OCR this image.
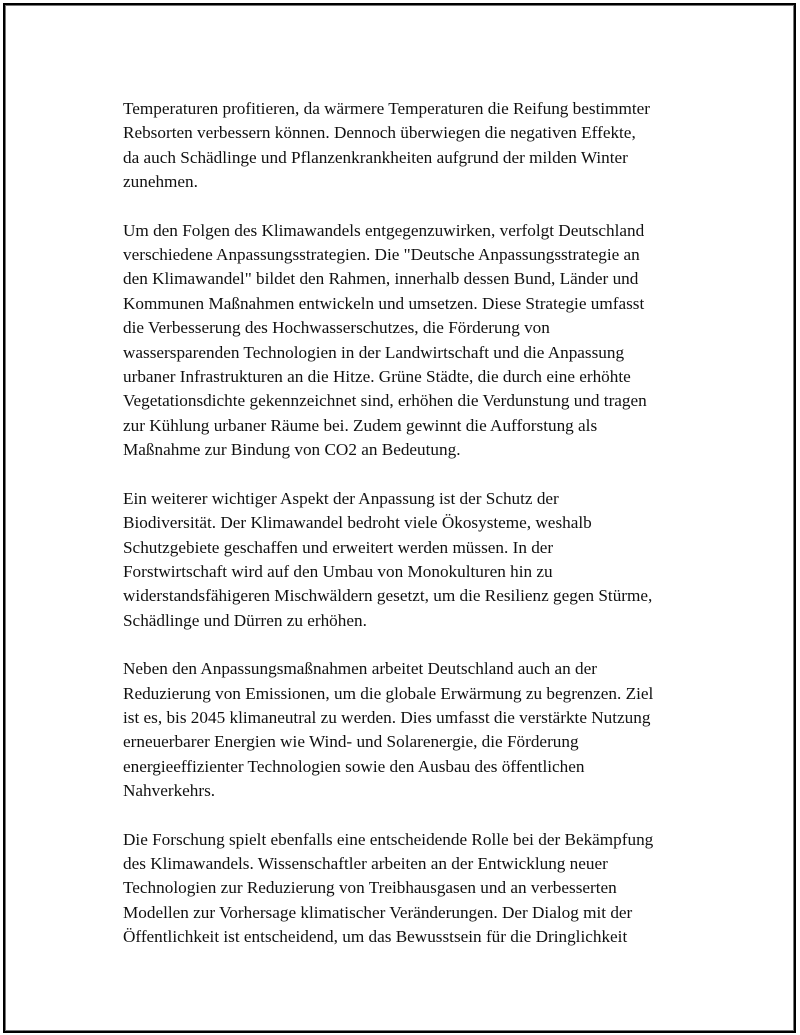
Temperaturen profitieren, da wärmere Temperaturen die Reifung bestimmter
Rebsorten verbessern können. Dennoch überwiegen die negativen Effekte,
da auch Schädlinge und Pflanzenkrankheiten aufgrund der milden Winter
zunehmen.

Um den Folgen des Klimawandels entgegenzuwirken, verfolgt Deutschland
verschiedene Anpassungsstrategien. Die "Deutsche Anpassungsstrategie an
den Klimawandel" bildet den Rahmen, innerhalb dessen Bund, Länder und
Kommunen Maßnahmen entwickeln und umsetzen. Diese Strategie umfasst
die Verbesserung des Hochwasserschutzes, die Förderung von
wassersparenden Technologien in der Landwirtschaft und die Anpassung
urbaner Infrastrukturen an die Hitze. Grüne Städte, die durch eine erhöhte
Vegetationsdichte gekennzeichnet sind, erhöhen die Verdunstung und tragen
zur Kühlung urbaner Räume bei. Zudem gewinnt die Aufforstung als
Maßnahme zur Bindung von CO2 an Bedeutung.

Ein weiterer wichtiger Aspekt der Anpassung ist der Schutz der
Biodiversität. Der Klimawandel bedroht viele Ökosysteme, weshalb
Schutzgebiete geschaffen und erweitert werden müssen. In der
Forstwirtschaft wird auf den Umbau von Monokulturen hin zu
widerstandsfähigeren Mischwäldern gesetzt, um die Resilienz gegen Stürme,
Schädlinge und Dürren zu erhöhen.

Neben den Anpassungsmaßnahmen arbeitet Deutschland auch an der
Reduzierung von Emissionen, um die globale Erwärmung zu begrenzen. Ziel
ist es, bis 2045 klimaneutral zu werden. Dies umfasst die verstärkte Nutzung
erneuerbarer Energien wie Wind- und Solarenergie, die Förderung
energieeffizienter Technologien sowie den Ausbau des öffentlichen
Nahverkehrs.

Die Forschung spielt ebenfalls eine entscheidende Rolle bei der Bekämpfung
des Klimawandels. Wissenschaftler arbeiten an der Entwicklung neuer
Technologien zur Reduzierung von Treibhausgasen und an verbesserten
Modellen zur Vorhersage klimatischer Veränderungen. Der Dialog mit der
Öffentlichkeit ist entscheidend, um das Bewusstsein für die Dringlichkeit
